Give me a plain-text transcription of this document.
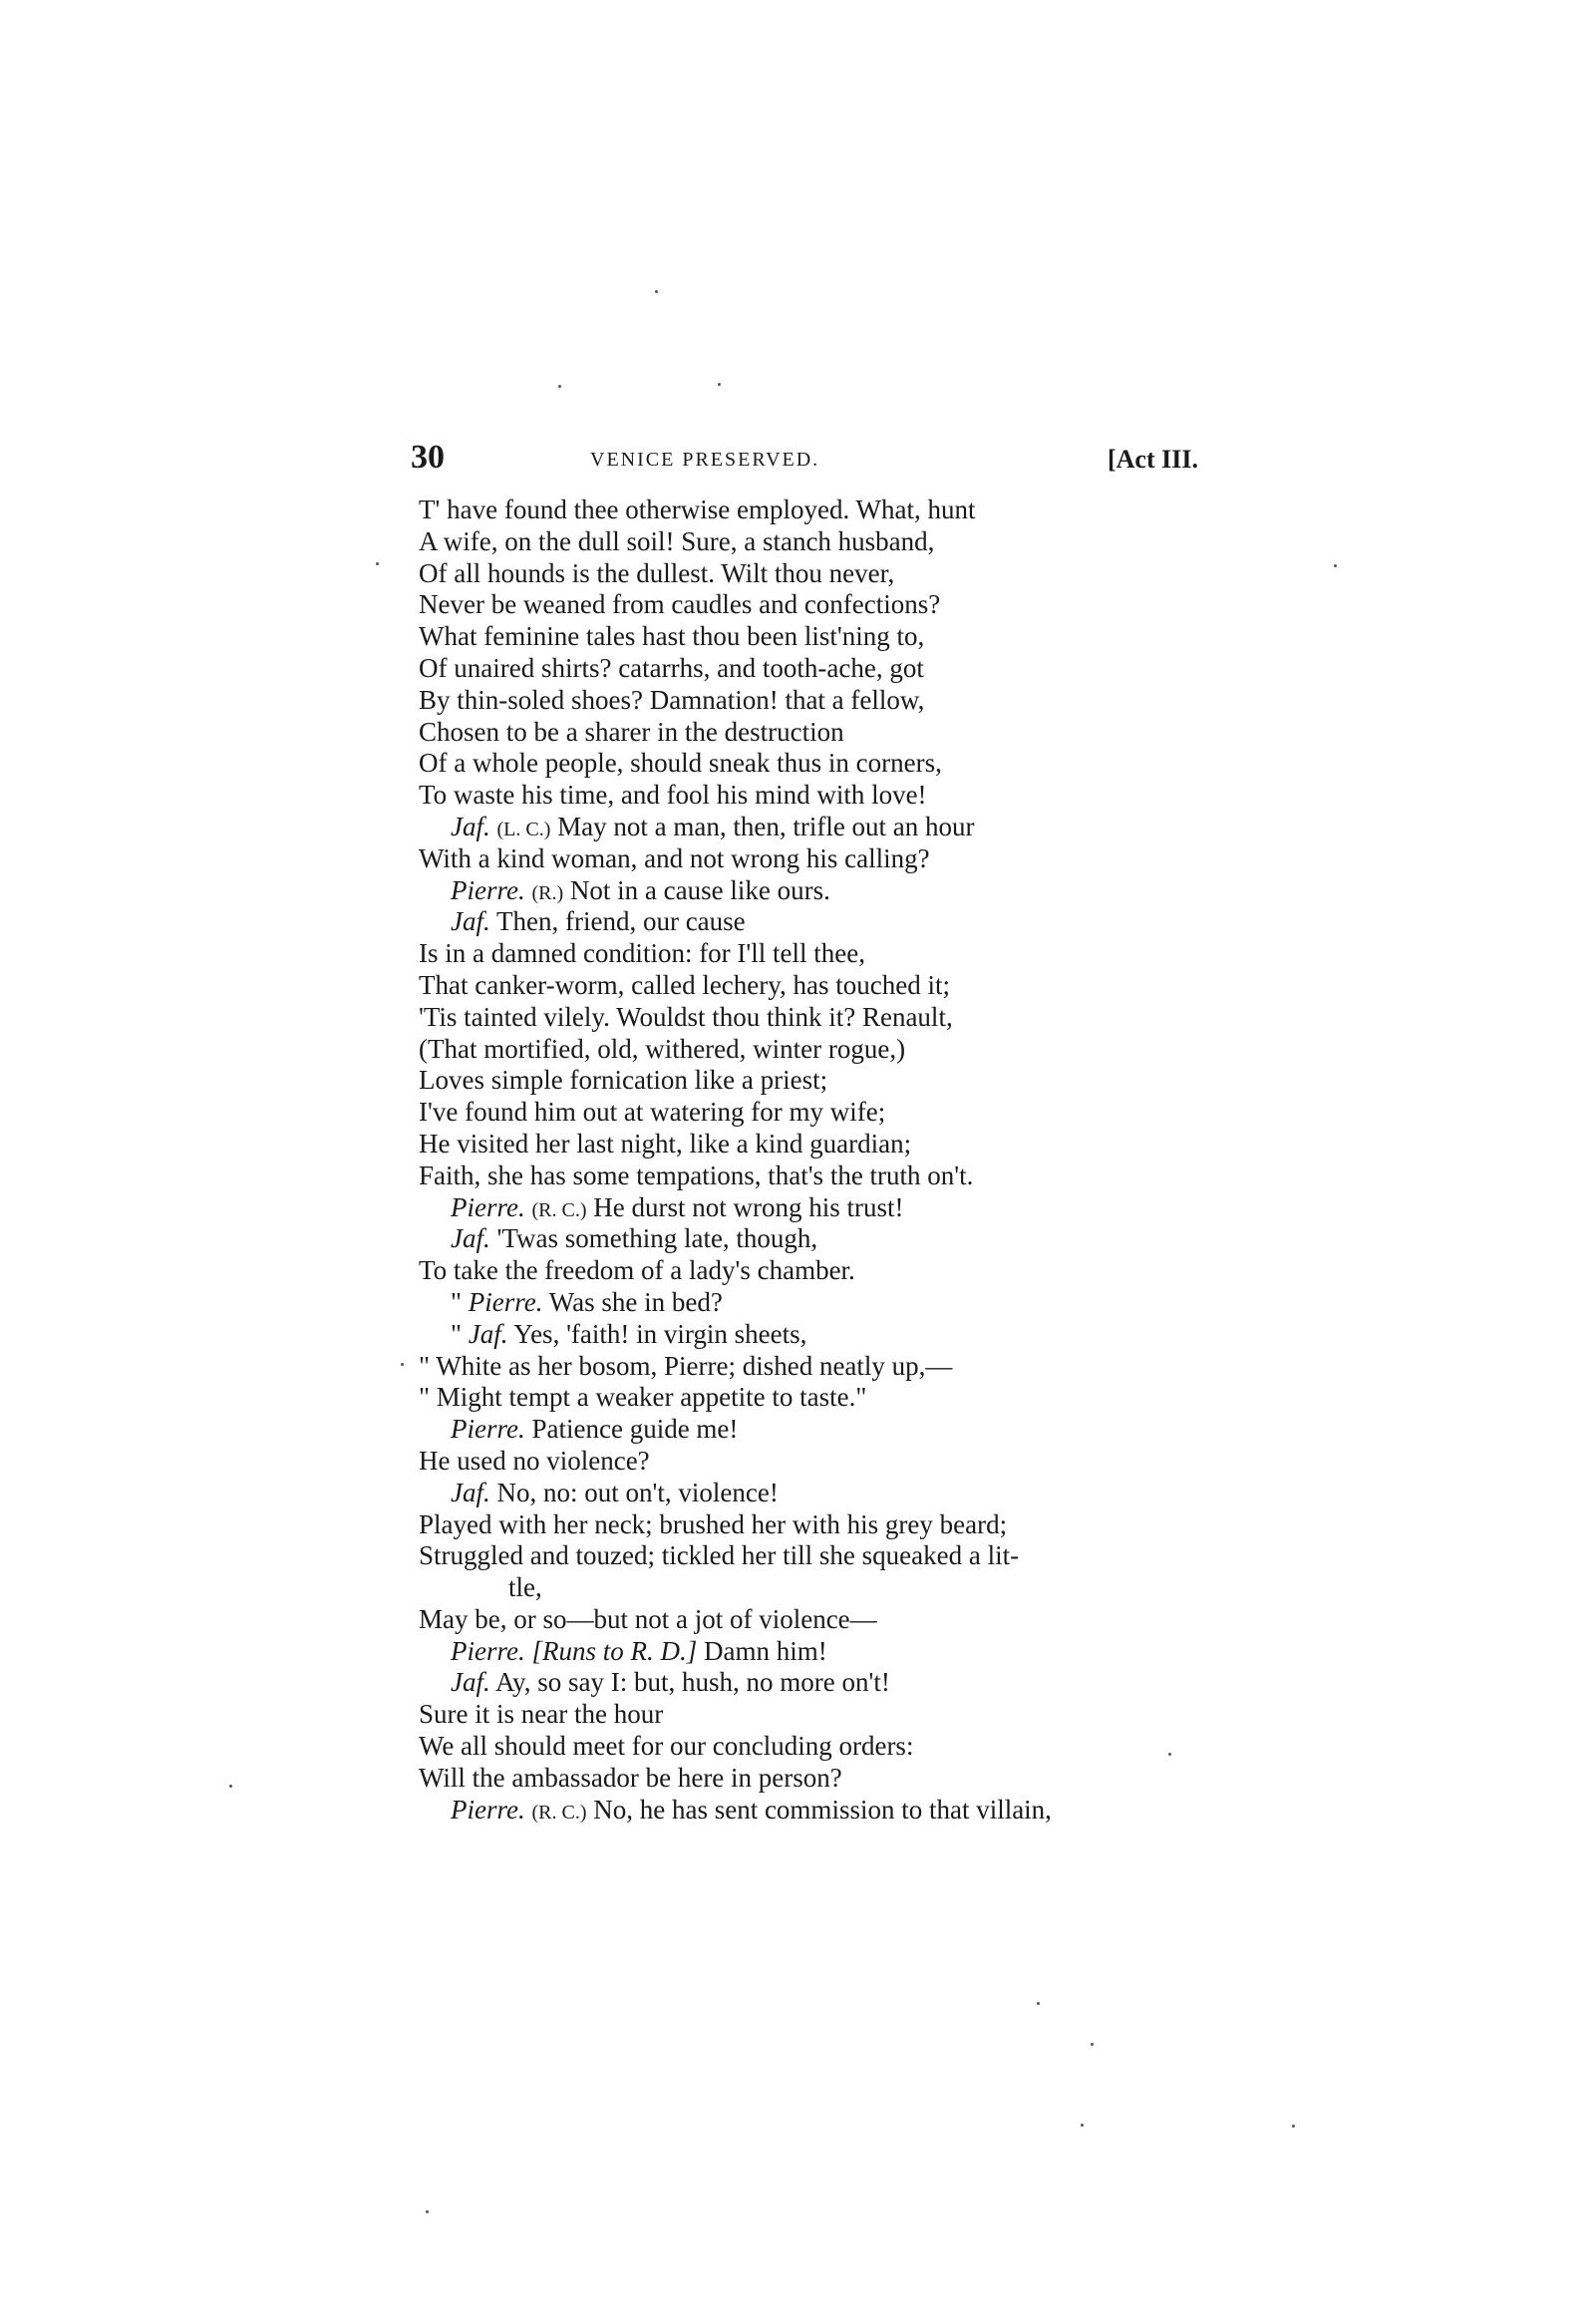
30	VENICE PRESERVED.	[Act III.
T' have found thee otherwise employed. What, hunt
A wife, on the dull soil! Sure, a stanch husband,
Of all hounds is the dullest. Wilt thou never,
Never be weaned from caudles and confections?
What feminine tales hast thou been list'ning to,
Of unaired shirts? catarrhs, and tooth-ache, got
By thin-soled shoes? Damnation! that a fellow,
Chosen to be a sharer in the destruction
Of a whole people, should sneak thus in corners,
To waste his time, and fool his mind with love!
Jaf. (L. C.) May not a man, then, trifle out an hour
With a kind woman, and not wrong his calling?
Pierre. (R.) Not in a cause like ours.
Jaf. Then, friend, our cause
Is in a damned condition: for I'll tell thee,
That canker-worm, called lechery, has touched it;
'Tis tainted vilely. Wouldst thou think it? Renault,
(That mortified, old, withered, winter rogue,)
Loves simple fornication like a priest;
I've found him out at watering for my wife;
He visited her last night, like a kind guardian;
Faith, she has some tempations, that's the truth on't.
Pierre. (R. C.) He durst not wrong his trust!
Jaf. 'Twas something late, though,
To take the freedom of a lady's chamber.
" Pierre. Was she in bed?
" Jaf. Yes, 'faith! in virgin sheets,
" White as her bosom, Pierre; dished neatly up,—
" Might tempt a weaker appetite to taste."
Pierre. Patience guide me!
He used no violence?
Jaf. No, no: out on't, violence!
Played with her neck; brushed her with his grey beard;
Struggled and touzed; tickled her till she squeaked a lit-
tle,
May be, or so—but not a jot of violence—
Pierre. [Runs to R. D.] Damn him!
Jaf. Ay, so say I: but, hush, no more on't!
Sure it is near the hour
We all should meet for our concluding orders:
Will the ambassador be here in person?
Pierre. (R. C.) No, he has sent commission to that villain,
